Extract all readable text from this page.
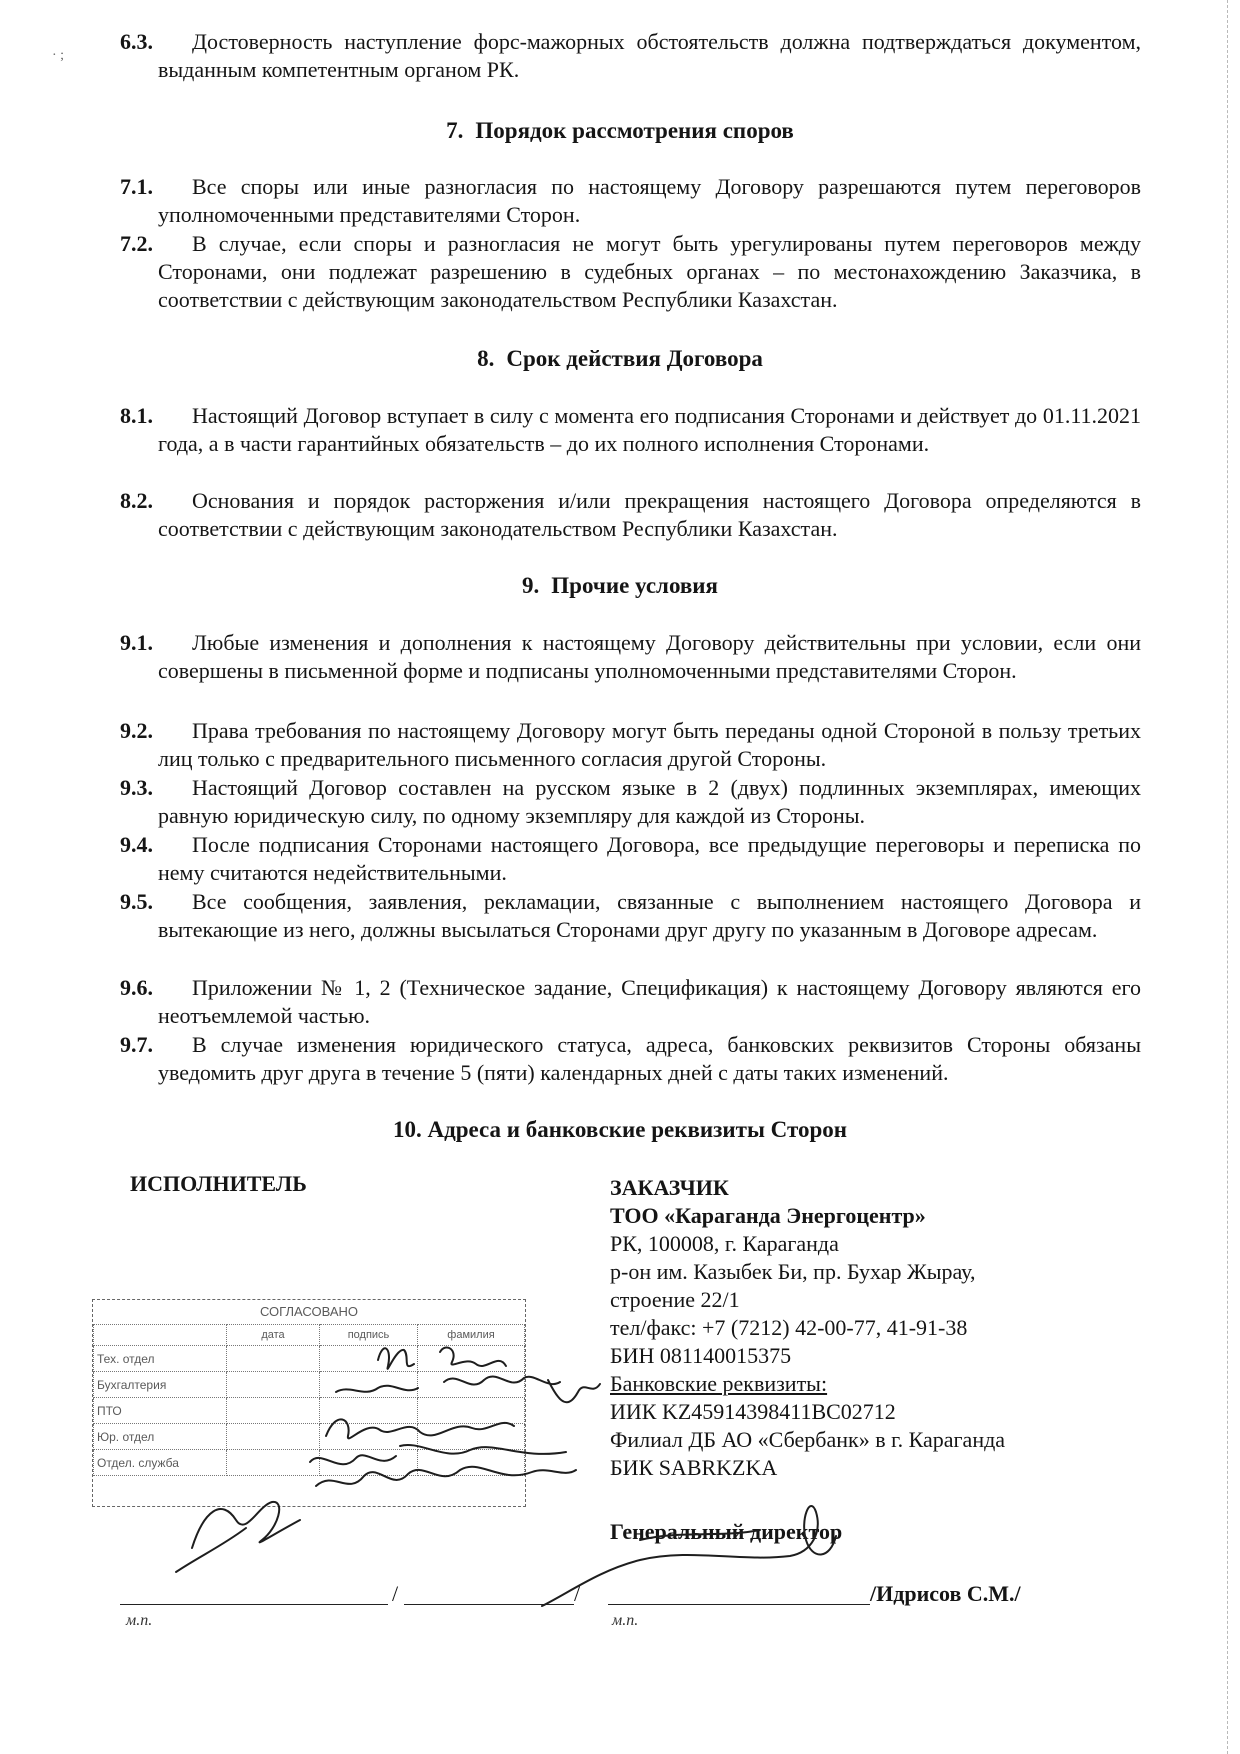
· ;
6.3.	Достоверность наступление форс-мажорных обстоятельств должна подтверждаться документом, выданным компетентным органом РК.
7. Порядок рассмотрения споров
7.1.	Все споры или иные разногласия по настоящему Договору разрешаются путем переговоров уполномоченными представителями Сторон.
7.2.	В случае, если споры и разногласия не могут быть урегулированы путем переговоров между Сторонами, они подлежат разрешению в судебных органах – по местонахождению Заказчика, в соответствии с действующим законодательством Республики Казахстан.
8. Срок действия Договора
8.1.	Настоящий Договор вступает в силу с момента его подписания Сторонами и действует до 01.11.2021 года, а в части гарантийных обязательств – до их полного исполнения Сторонами.
8.2.	Основания и порядок расторжения и/или прекращения настоящего Договора определяются в соответствии с действующим законодательством Республики Казахстан.
9. Прочие условия
9.1.	Любые изменения и дополнения к настоящему Договору действительны при условии, если они совершены в письменной форме и подписаны уполномоченными представителями Сторон.
9.2.	Права требования по настоящему Договору могут быть переданы одной Стороной в пользу третьих лиц только с предварительного письменного согласия другой Стороны.
9.3.	Настоящий Договор составлен на русском языке в 2 (двух) подлинных экземплярах, имеющих равную юридическую силу, по одному экземпляру для каждой из Стороны.
9.4.	После подписания Сторонами настоящего Договора, все предыдущие переговоры и переписка по нему считаются недействительными.
9.5.	Все сообщения, заявления, рекламации, связанные с выполнением настоящего Договора и вытекающие из него, должны высылаться Сторонами друг другу по указанным в Договоре адресам.
9.6.	Приложении № 1, 2 (Техническое задание, Спецификация) к настоящему Договору являются его неотъемлемой частью.
9.7.	В случае изменения юридического статуса, адреса, банковских реквизитов Стороны обязаны уведомить друг друга в течение 5 (пяти) календарных дней с даты таких изменений.
10. Адреса и банковские реквизиты Сторон
ИСПОЛНИТЕЛЬ	ЗАКАЗЧИК
ТОО «Караганда Энергоцентр»
РК, 100008, г. Караганда
р-он им. Казыбек Би, пр. Бухар Жырау,
строение 22/1
тел/факс: +7 (7212) 42-00-77, 41-91-38
БИН 081140015375
Банковские реквизиты:
ИИК KZ45914398411BC02712
Филиал ДБ АО «Сбербанк» в г. Караганда
БИК SABRKZKA
Генеральный директор
/	/
м.п.
/Идрисов С.М./
м.п.
СОГЛАСОВАНО
	дата	подпись	фамилия
Тех. отдел			
Бухгалтерия			
ПТО			
Юр. отдел			
Отдел. служба			
